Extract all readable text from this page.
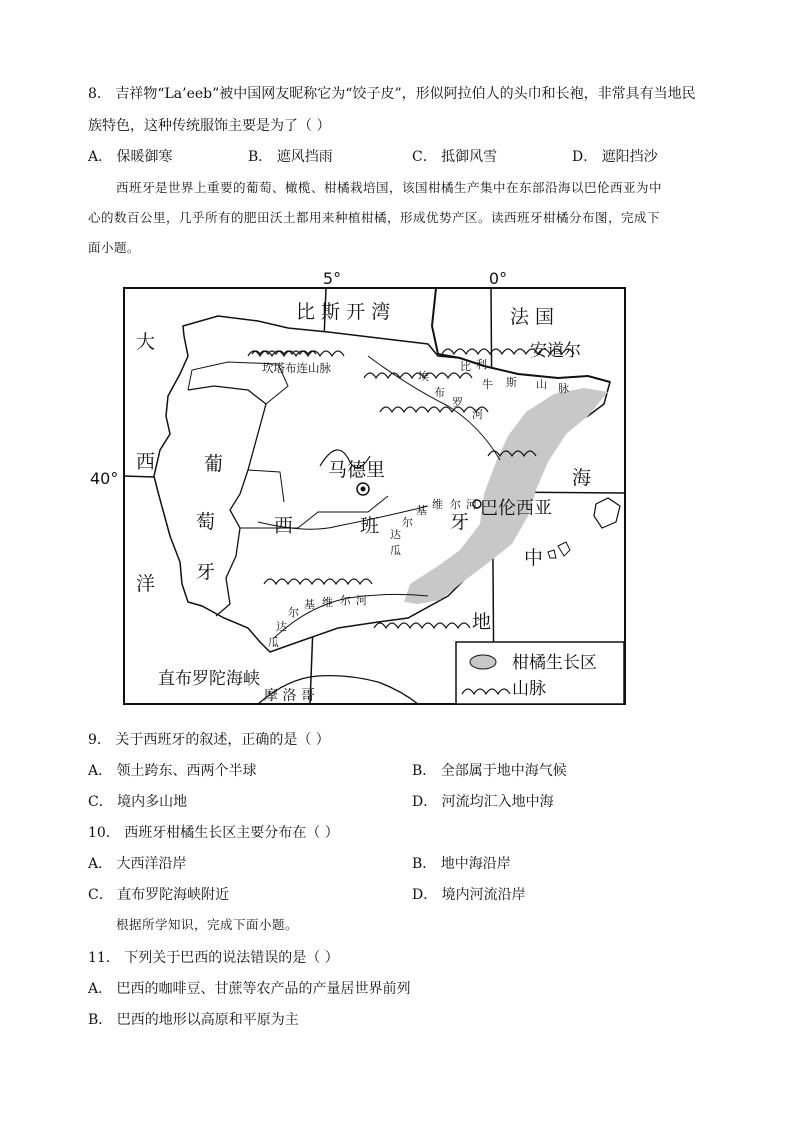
8． 吉祥物“La’eeb”被中国网友昵称它为“饺子皮”，形似阿拉伯人的头巾和长袍，非常具有当地民
族特色，这种传统服饰主要是为了（ ）
A． 保暖御寒	B． 遮风挡雨	C． 抵御风雪	D． 遮阳挡沙
西班牙是世界上重要的葡萄、橄榄、柑橘栽培国，该国柑橘生产集中在东部沿海以巴伦西亚为中
心的数百公里，几乎所有的肥田沃土都用来种植柑橘，形成优势产区。读西班牙柑橘分布图，完成下
面小题。
5°	0°
40°
比 斯 开 湾	法 国
安道尔
大
西
洋
葡
萄
牙
西	班	牙
马德里
巴伦西亚
海
中
地
坎塔布连山脉	比 利
牛 斯 山 脉
埃
布
罗
河
瓜
达
尔
基 维 尔 河
瓜
达
尔
基 维 尔 河
直布罗陀海峡
摩 洛 哥
柑橘生长区
山脉
9． 关于西班牙的叙述，正确的是（ ）
A． 领土跨东、西两个半球	B． 全部属于地中海气候
C． 境内多山地	D． 河流均汇入地中海
10． 西班牙柑橘生长区主要分布在（ ）
A． 大西洋沿岸	B． 地中海沿岸
C． 直布罗陀海峡附近	D． 境内河流沿岸
根据所学知识，完成下面小题。
11． 下列关于巴西的说法错误的是（ ）
A． 巴西的咖啡豆、甘蔗等农产品的产量居世界前列
B． 巴西的地形以高原和平原为主
